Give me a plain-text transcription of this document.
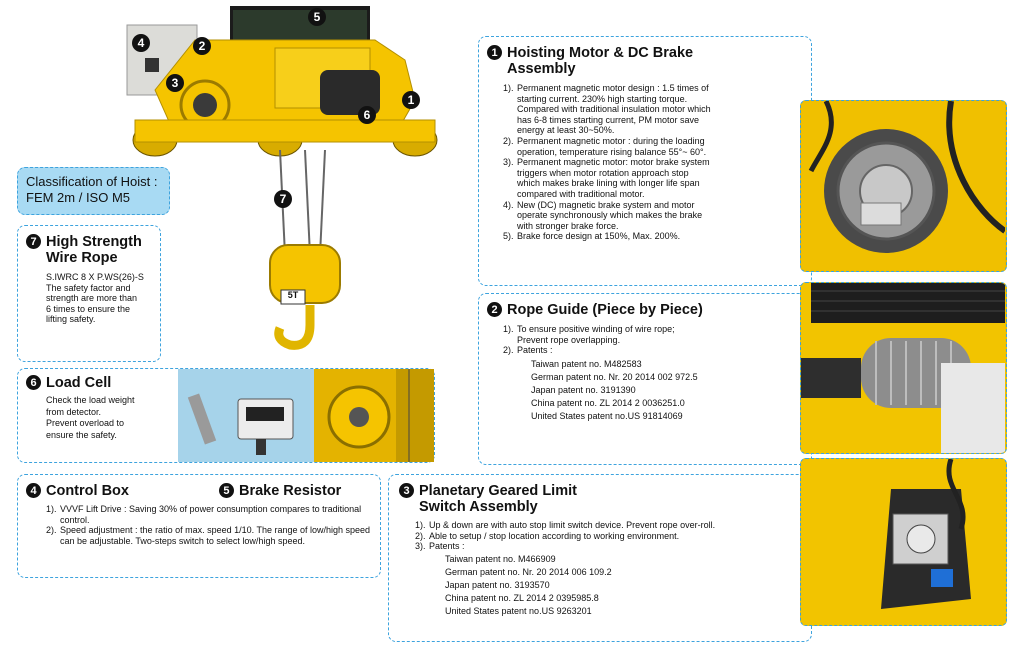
5T
4	2
3
5
1
6
7
Classification of Hoist :
FEM 2m / ISO M5
7 High Strength
Wire Rope
S.IWRC 8 X P.WS(26)-S
The safety factor and
strength are more than
6 times to ensure the
lifting safety.
6 Load Cell
Check the load weight
from detector.
Prevent overload to
ensure the safety.
4 Control Box	5 Brake Resistor
1). VVVF Lift Drive : Saving 30% of power consumption compares to traditional control.
2). Speed adjustment : the ratio of max. speed 1/10. The range of low/high speed can be adjustable. Two-steps switch to select low/high speed.
1 Hoisting Motor & DC Brake
Assembly
1). Permanent magnetic motor design : 1.5 times of starting current. 230% high starting torque. Compared with traditional insulation motor which has 6-8 times starting current, PM motor save energy at least 30~50%.
2). Permanent magnetic motor : during the loading operation, temperature rising balance 55°~ 60°.
3). Permanent magnetic motor: motor brake system triggers when motor rotation approach stop which makes brake lining with longer life span compared with traditional motor.
4). New (DC) magnetic brake system and motor operate synchronously which makes the brake with stronger brake force.
5). Brake force design at 150%, Max. 200%.
2 Rope Guide (Piece by Piece)
1). To ensure positive winding of wire rope; Prevent rope overlapping.
2). Patents :
Taiwan patent no. M482583
German patent no. Nr. 20 2014 002 972.5
Japan patent no. 3191390
China patent no. ZL 2014 2 0036251.0
United States patent no.US 91814069
3 Planetary Geared Limit
Switch Assembly
1). Up & down are with auto stop limit switch device. Prevent rope over-roll.
2). Able to setup / stop location according to working environment.
3). Patents :
Taiwan patent no. M466909
German patent no. Nr. 20 2014 006 109.2
Japan patent no. 3193570
China patent no. ZL 2014 2 0395985.8
United States patent no.US 9263201
